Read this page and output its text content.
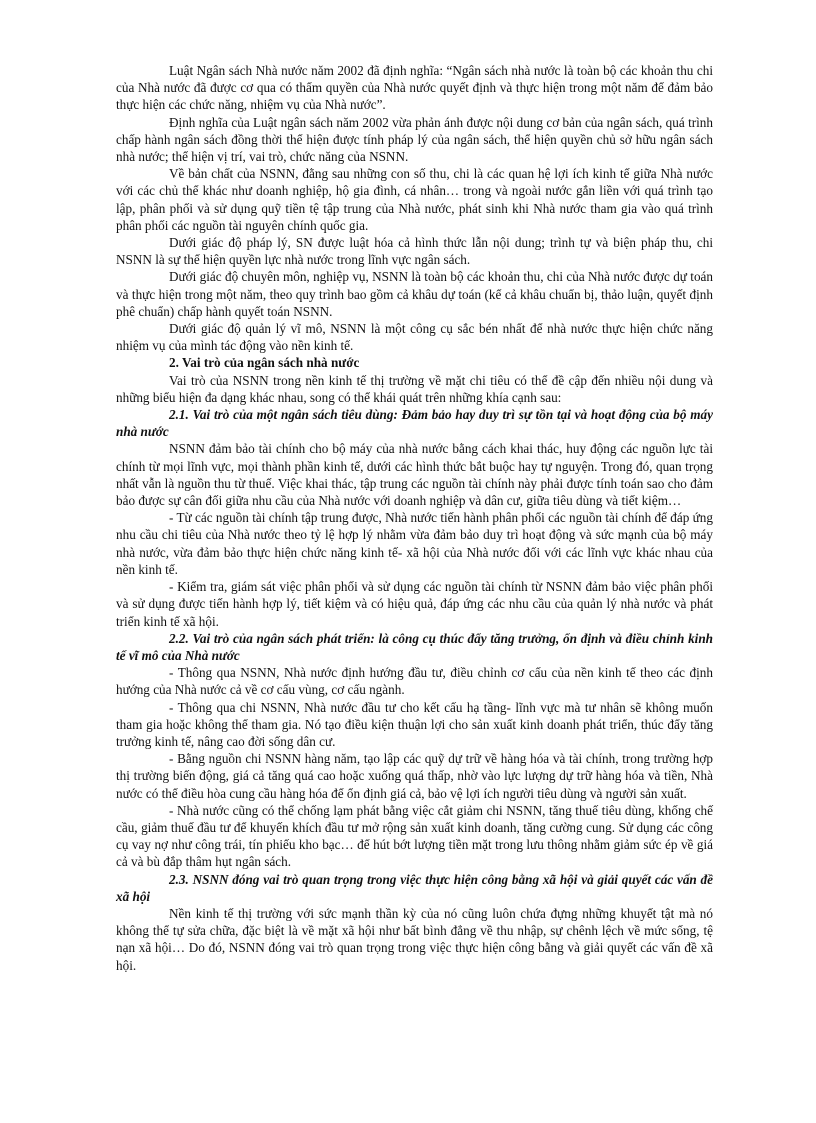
Luật Ngân sách Nhà nước năm 2002 đã định nghĩa: “Ngân sách nhà nước là toàn bộ các khoản thu chi của Nhà nước đã được cơ qua có thẩm quyền của Nhà nước quyết định và thực hiện trong một năm để đảm bảo thực hiện các chức năng, nhiệm vụ của Nhà nước”.

Định nghĩa của Luật ngân sách năm 2002 vừa phản ánh được nội dung cơ bản của ngân sách, quá trình chấp hành ngân sách đồng thời thể hiện được tính pháp lý của ngân sách, thể hiện quyền chủ sở hữu ngân sách nhà nước; thể hiện vị trí, vai trò, chức năng của NSNN.

Về bản chất của NSNN, đằng sau những con số thu, chi là các quan hệ lợi ích kinh tế giữa Nhà nước với các chủ thể khác như doanh nghiệp, hộ gia đình, cá nhân… trong và ngoài nước gắn liền với quá trình tạo lập, phân phối và sử dụng quỹ tiền tệ tập trung của Nhà nước, phát sinh khi Nhà nước tham gia vào quá trình phân phối các nguồn tài nguyên chính quốc gia.

Dưới giác độ pháp lý, SN được luật hóa cả hình thức lẫn nội dung; trình tự và biện pháp thu, chi NSNN là sự thể hiện quyền lực nhà nước trong lĩnh vực ngân sách.

Dưới giác độ chuyên môn, nghiệp vụ, NSNN là toàn bộ các khoản thu, chi của Nhà nước được dự toán và thực hiện trong một năm, theo quy trình bao gồm cả khâu dự toán (kể cả khâu chuẩn bị, thảo luận, quyết định phê chuẩn) chấp hành quyết toán NSNN.

Dưới giác độ quản lý vĩ mô, NSNN là một công cụ sắc bén nhất để nhà nước thực hiện chức năng nhiệm vụ của mình tác động vào nền kinh tế.

2. Vai trò của ngân sách nhà nước

Vai trò của NSNN trong nền kinh tế thị trường về mặt chi tiêu có thể đề cập đến nhiều nội dung và những biểu hiện đa dạng khác nhau, song có thể khái quát trên những khía cạnh sau:

2.1. Vai trò của một ngân sách tiêu dùng: Đảm bảo hay duy trì sự tồn tại và hoạt động của bộ máy nhà nước

NSNN đảm bảo tài chính cho bộ máy của nhà nước bằng cách khai thác, huy động các nguồn lực tài chính từ mọi lĩnh vực, mọi thành phần kinh tế, dưới các hình thức bắt buộc hay tự nguyện. Trong đó, quan trọng nhất vẫn là nguồn thu từ thuế. Việc khai thác, tập trung các nguồn tài chính này phải được tính toán sao cho đảm bảo được sự cân đối giữa nhu cầu của Nhà nước với doanh nghiệp và dân cư, giữa tiêu dùng và tiết kiệm…

- Từ các nguồn tài chính tập trung được, Nhà nước tiến hành phân phối các nguồn tài chính để đáp ứng nhu cầu chi tiêu của Nhà nước theo tỷ lệ hợp lý nhằm vừa đảm bảo duy trì hoạt động và sức mạnh của bộ máy nhà nước, vừa đảm bảo thực hiện chức năng kinh tế- xã hội của Nhà nước đối với các lĩnh vực khác nhau của nền kinh tế.

- Kiểm tra, giám sát việc phân phối và sử dụng các nguồn tài chính từ NSNN đảm bảo việc phân phối và sử dụng được tiến hành hợp lý, tiết kiệm và có hiệu quả, đáp ứng các nhu cầu của quản lý nhà nước và phát triển kinh tế xã hội.

2.2. Vai trò của ngân sách phát triển: là công cụ thúc đẩy tăng trưởng, ổn định và điều chỉnh kinh tế vĩ mô của Nhà nước

- Thông qua NSNN, Nhà nước định hướng đầu tư, điều chỉnh cơ cấu của nền kinh tế theo các định hướng của Nhà nước cả về cơ cấu vùng, cơ cấu ngành.

- Thông qua chi NSNN, Nhà nước đầu tư cho kết cấu hạ tầng- lĩnh vực mà tư nhân sẽ không muốn tham gia hoặc không thể tham gia. Nó tạo điều kiện thuận lợi cho sản xuất kinh doanh phát triển, thúc đẩy tăng trưởng kinh tế, nâng cao đời sống dân cư.

- Bằng nguồn chi NSNN hàng năm, tạo lập các quỹ dự trữ về hàng hóa và tài chính, trong trường hợp thị trường biến động, giá cả tăng quá cao hoặc xuống quá thấp, nhờ vào lực lượng dự trữ hàng hóa và tiền, Nhà nước có thể điều hòa cung cầu hàng hóa để ổn định giá cả, bảo vệ lợi ích người tiêu dùng và người sản xuất.

- Nhà nước cũng có thể chống lạm phát bằng việc cắt giảm chi NSNN, tăng thuế tiêu dùng, khống chế cầu, giảm thuế đầu tư để khuyến khích đầu tư mở rộng sản xuất kinh doanh, tăng cường cung. Sử dụng các công cụ vay nợ như công trái, tín phiếu kho bạc… để hút bớt lượng tiền mặt trong lưu thông nhằm giảm sức ép về giá cả và bù đắp thâm hụt ngân sách.

2.3. NSNN đóng vai trò quan trọng trong việc thực hiện công bằng xã hội và giải quyết các vấn đề xã hội

Nền kinh tế thị trường với sức mạnh thần kỳ của nó cũng luôn chứa đựng những khuyết tật mà nó không thể tự sửa chữa, đặc biệt là về mặt xã hội như bất bình đẳng về thu nhập, sự chênh lệch về mức sống, tệ nạn xã hội… Do đó, NSNN đóng vai trò quan trọng trong việc thực hiện công bằng và giải quyết các vấn đề xã hội.
